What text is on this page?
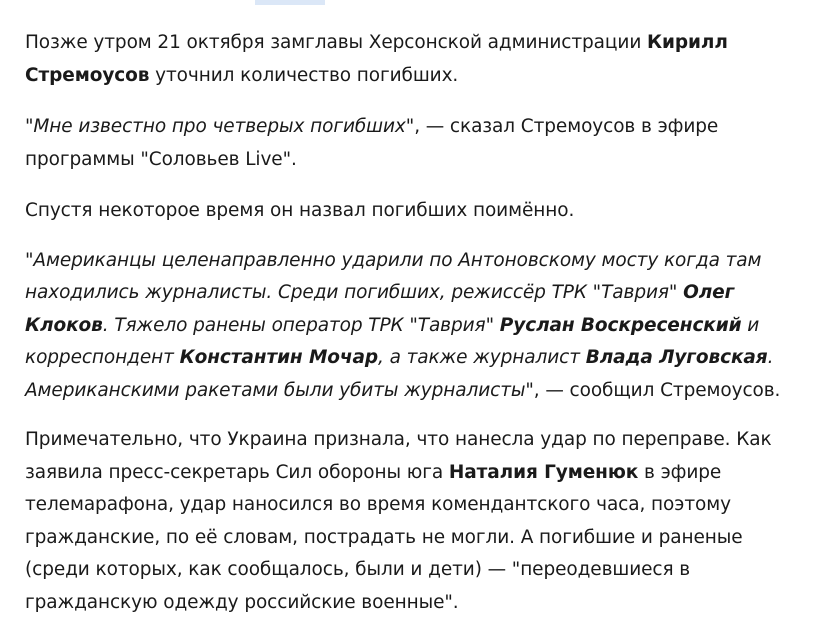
Позже утром 21 октября замглавы Херсонской администрации Кирилл Стремоусов уточнил количество погибших.

"Мне известно про четверых погибших", — сказал Стремоусов в эфире программы "Соловьев Live".

Спустя некоторое время он назвал погибших поимённо.

"Американцы целенаправленно ударили по Антоновскому мосту когда там находились журналисты. Среди погибших, режиссёр ТРК "Таврия" Олег Клоков. Тяжело ранены оператор ТРК "Таврия" Руслан Воскресенский и корреспондент Константин Мочар, а также журналист Влада Луговская. Американскими ракетами были убиты журналисты", — сообщил Стремоусов.

Примечательно, что Украина признала, что нанесла удар по переправе. Как заявила пресс-секретарь Сил обороны юга Наталия Гуменюк в эфире телемарафона, удар наносился во время комендантского часа, поэтому гражданские, по её словам, пострадать не могли. А погибшие и раненые (среди которых, как сообщалось, были и дети) — "переодевшиеся в гражданскую одежду российские военные".
